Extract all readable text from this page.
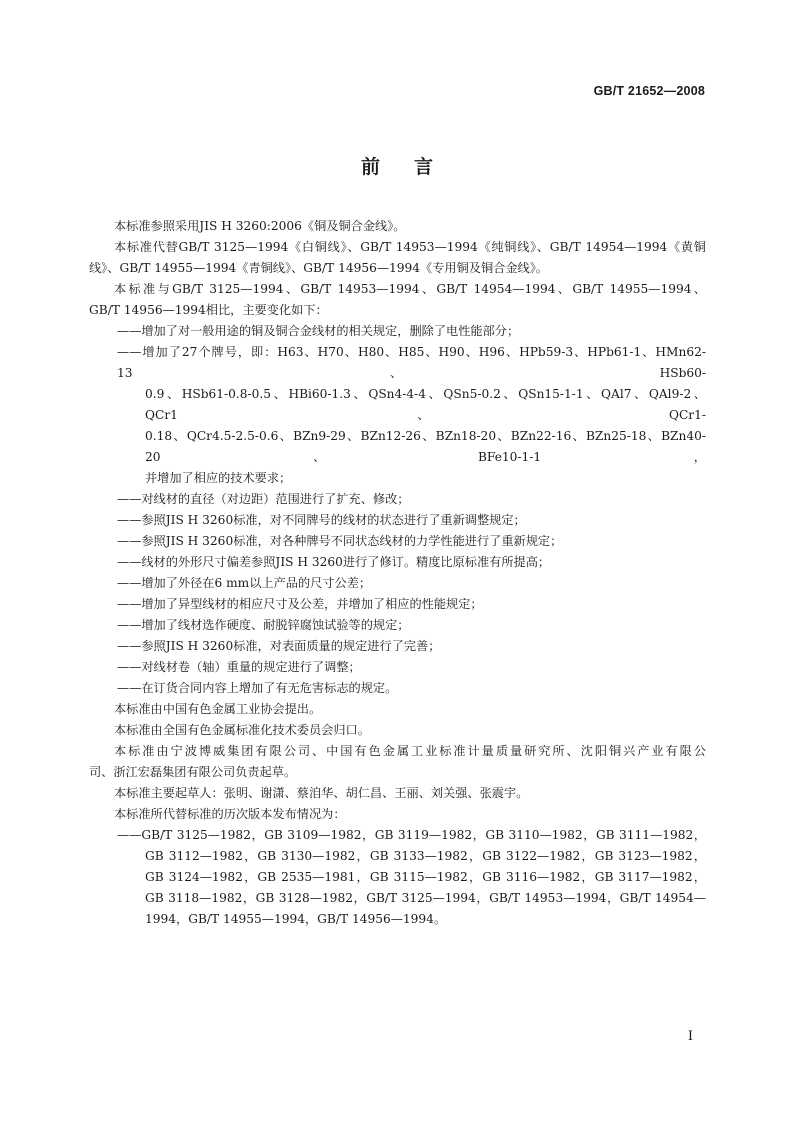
GB/T 21652—2008
前言
本标准参照采用JIS H 3260:2006《铜及铜合金线》。
本标准代替GB/T 3125—1994《白铜线》、GB/T 14953—1994《纯铜线》、GB/T 14954—1994《黄铜
线》、GB/T 14955—1994《青铜线》、GB/T 14956—1994《专用铜及铜合金线》。
本标准与GB/T 3125—1994、GB/T 14953—1994、GB/T 14954—1994、GB/T 14955—1994、
GB/T 14956—1994相比，主要变化如下：
——增加了对一般用途的铜及铜合金线材的相关规定，删除了电性能部分；
——增加了27个牌号，即：H63、H70、H80、H85、H90、H96、HPb59-3、HPb61-1、HMn62-13、HSb60-
0.9、HSb61-0.8-0.5、HBi60-1.3、QSn4-4-4、QSn5-0.2、QSn15-1-1、QAl7、QAl9-2、QCr1、QCr1-
0.18、QCr4.5-2.5-0.6、BZn9-29、BZn12-26、BZn18-20、BZn22-16、BZn25-18、BZn40-20、BFe10-1-1，
并增加了相应的技术要求；
——对线材的直径（对边距）范围进行了扩充、修改；
——参照JIS H 3260标准，对不同牌号的线材的状态进行了重新调整规定；
——参照JIS H 3260标准，对各种牌号不同状态线材的力学性能进行了重新规定；
——线材的外形尺寸偏差参照JIS H 3260进行了修订。精度比原标准有所提高；
——增加了外径在6 mm以上产品的尺寸公差；
——增加了异型线材的相应尺寸及公差，并增加了相应的性能规定；
——增加了线材选作硬度、耐脱锌腐蚀试验等的规定；
——参照JIS H 3260标准，对表面质量的规定进行了完善；
——对线材卷（轴）重量的规定进行了调整；
——在订货合同内容上增加了有无危害标志的规定。
本标准由中国有色金属工业协会提出。
本标准由全国有色金属标准化技术委员会归口。
本标准由宁波博威集团有限公司、中国有色金属工业标准计量质量研究所、沈阳铜兴产业有限公
司、浙江宏磊集团有限公司负责起草。
本标准主要起草人：张明、谢潇、蔡洎华、胡仁昌、王丽、刘关强、张震宇。
本标准所代替标准的历次版本发布情况为：
——GB/T 3125—1982，GB 3109—1982，GB 3119—1982，GB 3110—1982，GB 3111—1982，
GB 3112—1982，GB 3130—1982，GB 3133—1982，GB 3122—1982，GB 3123—1982，
GB 3124—1982，GB 2535—1981，GB 3115—1982，GB 3116—1982，GB 3117—1982，
GB 3118—1982，GB 3128—1982，GB/T 3125—1994，GB/T 14953—1994，GB/T 14954—
1994，GB/T 14955—1994，GB/T 14956—1994。
I
